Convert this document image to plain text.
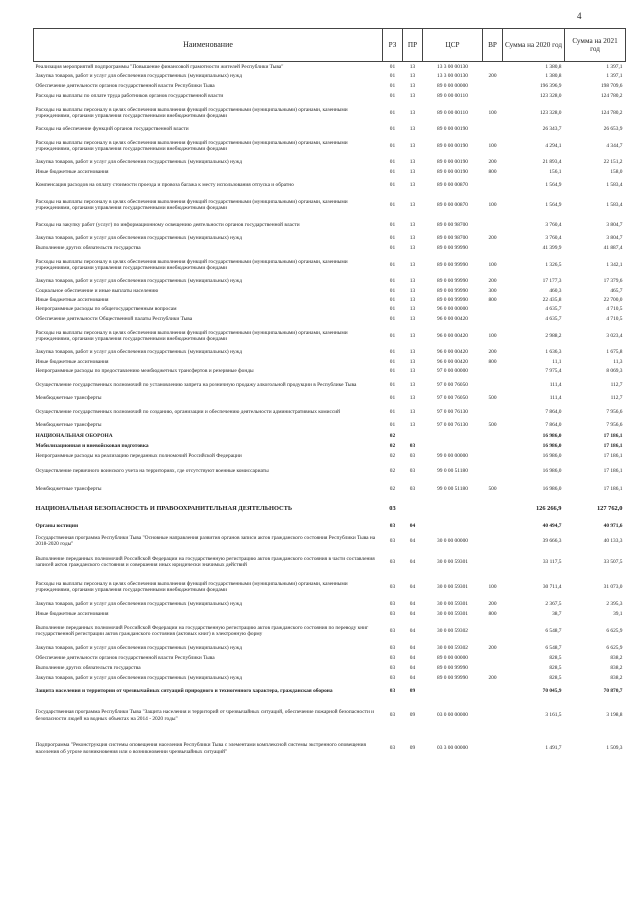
4
Наименование	РЗ	ПР	ЦСР	ВР	Сумма на 2020 год	Сумма на 2021 год
Реализация мероприятий подпрограммы "Повышение финансовой грамотности жителей Республики Тыва"	01	13	13 3 00 00130		1 380,8	1 397,1
Закупка товаров, работ и услуг для обеспечения государственных (муниципальных) нужд	01	13	13 3 00 00130	200	1 380,8	1 397,1
Обеспечение деятельности органов государственной власти Республики Тыва	01	13	89 0 00 00000		196 396,9	198 709,6
Расходы на выплаты по оплате труда работников органов государственной власти	01	13	89 0 00 00110		123 328,0	124 780,2
Расходы на выплаты персоналу в целях обеспечения выполнения функций государственными (муниципальными) органами, казенными учреждениями, органами управления государственными внебюджетными фондами	01	13	89 0 00 00110	100	123 328,0	124 780,2
Расходы на обеспечение функций органов государственной власти	01	13	89 0 00 00190		26 343,7	26 653,9
Расходы на выплаты персоналу в целях обеспечения выполнения функций государственными (муниципальными) органами, казенными учреждениями, органами управления государственными внебюджетными фондами	01	13	89 0 00 00190	100	4 294,1	4 344,7
Закупка товаров, работ и услуг для обеспечения государственных (муниципальных) нужд	01	13	89 0 00 00190	200	21 893,4	22 151,2
Иные бюджетные ассигнования	01	13	89 0 00 00190	800	156,1	158,0
Компенсация расходов на оплату стоимости проезда и провоза багажа к месту использования отпуска и обратно	01	13	89 0 00 00870		1 564,9	1 583,4
Расходы на выплаты персоналу в целях обеспечения выполнения функций государственными (муниципальными) органами, казенными учреждениями, органами управления государственными внебюджетными фондами	01	13	89 0 00 00870	100	1 564,9	1 583,4
Расходы на закупку работ (услуг) по информационному освещению деятельности органов государственной власти	01	13	89 0 00 98700		3 760,4	3 804,7
Закупка товаров, работ и услуг для обеспечения государственных (муниципальных) нужд	01	13	89 0 00 98700	200	3 760,4	3 804,7
Выполнение других обязательств государства	01	13	89 0 00 99990		41 399,9	41 887,4
Расходы на выплаты персоналу в целях обеспечения выполнения функций государственными (муниципальными) органами, казенными учреждениями, органами управления государственными внебюджетными фондами	01	13	89 0 00 99990	100	1 326,5	1 342,1
Закупка товаров, работ и услуг для обеспечения государственных (муниципальных) нужд	01	13	89 0 00 99990	200	17 177,3	17 379,6
Социальное обеспечение и иные выплаты населению	01	13	89 0 00 99990	300	460,3	465,7
Иные бюджетные ассигнования	01	13	89 0 00 99990	800	22 435,8	22 700,0
Непрограммные расходы по общегосударственным вопросам	01	13	96 0 00 00000		4 635,7	4 710,5
Обеспечение деятельности Общественной палаты Республики Тыва	01	13	96 0 00 00420		4 635,7	4 710,5
Расходы на выплаты персоналу в целях обеспечения выполнения функций государственными (муниципальными) органами, казенными учреждениями, органами управления государственными внебюджетными фондами	01	13	96 0 00 00420	100	2 988,2	3 023,4
Закупка товаров, работ и услуг для обеспечения государственных (муниципальных) нужд	01	13	96 0 00 00420	200	1 636,3	1 675,8
Иные бюджетные ассигнования	01	13	96 0 00 00420	800	11,1	11,3
Непрограммные расходы по предоставлению межбюджетных трансфертов и резервные фонды	01	13	97 0 00 00000		7 975,4	8 069,3
Осуществление государственных полномочий по установлению запрета на розничную продажу алкогольной продукции в Республике Тыва	01	13	97 0 00 76050		111,4	112,7
Межбюджетные трансферты	01	13	97 0 00 76050	500	111,4	112,7
Осуществление государственных полномочий по созданию, организации и обеспечению деятельности административных комиссий	01	13	97 0 00 76130		7 864,0	7 956,6
Межбюджетные трансферты	01	13	97 0 00 76130	500	7 864,0	7 956,6
НАЦИОНАЛЬНАЯ ОБОРОНА	02				16 986,0	17 186,1
Мобилизационная и вневойсковая подготовка	02	03			16 986,0	17 186,1
Непрограммные расходы на реализацию переданных полномочий Российской Федерации	02	03	99 0 00 00000		16 986,0	17 186,1
Осуществление первичного воинского учета на территориях, где отсутствуют военные комиссариаты	02	03	99 0 00 51180		16 986,0	17 186,1
Межбюджетные трансферты	02	03	99 0 00 51180	500	16 986,0	17 186,1
НАЦИОНАЛЬНАЯ БЕЗОПАСНОСТЬ И ПРАВООХРАНИТЕЛЬНАЯ ДЕЯТЕЛЬНОСТЬ	03				126 266,9	127 762,0
Органы юстиции	03	04			40 494,7	40 971,6
Государственная программа Республики Тыва "Основные направления развития органов записи актов гражданского состояния Республики Тыва на 2018-2020 годы"	03	04	30 0 00 00000		39 666,3	40 133,3
Выполнение переданных полномочий Российской Федерации на государственную регистрацию актов гражданского состояния в части составления записей актов гражданского состояния и совершения иных юридически значимых действий	03	04	30 0 00 59301		33 117,5	33 507,5
Расходы на выплаты персоналу в целях обеспечения выполнения функций государственными (муниципальными) органами, казенными учреждениями, органами управления государственными внебюджетными фондами	03	04	30 0 00 59301	100	30 711,4	31 073,0
Закупка товаров, работ и услуг для обеспечения государственных (муниципальных) нужд	03	04	30 0 00 59301	200	2 367,5	2 395,3
Иные бюджетные ассигнования	03	04	30 0 00 59301	800	38,7	39,1
Выполнение переданных полномочий Российской Федерации на государственную регистрацию актов гражданского состояния по переводу книг государственной регистрации актов гражданского состояния (актовых книг) в электронную форму	03	04	30 0 00 59302		6 548,7	6 625,9
Закупка товаров, работ и услуг для обеспечения государственных (муниципальных) нужд	03	04	30 0 00 59302	200	6 548,7	6 625,9
Обеспечение деятельности органов государственной власти Республики Тыва	03	04	89 0 00 00000		828,5	838,2
Выполнение других обязательств государства	03	04	89 0 00 99990		828,5	838,2
Закупка товаров, работ и услуг для обеспечения государственных (муниципальных) нужд	03	04	89 0 00 99990	200	828,5	838,2
Защита населения и территории от чрезвычайных ситуаций природного и техногенного характера, гражданская оборона	03	09			70 045,9	70 870,7
Государственная программа Республики Тыва "Защита населения и территорий от чрезвычайных ситуаций, обеспечение пожарной безопасности и безопасности людей на водных объектах на 2014 - 2020 годы"	03	09	03 0 00 00000		3 161,5	3 198,8
Подпрограмма "Реконструкция системы оповещения населения Республики Тыва с элементами комплексной системы экстренного оповещения населения об угрозе возникновения или о возникновении чрезвычайных ситуаций"	03	09	03 3 00 00000		1 491,7	1 509,3
